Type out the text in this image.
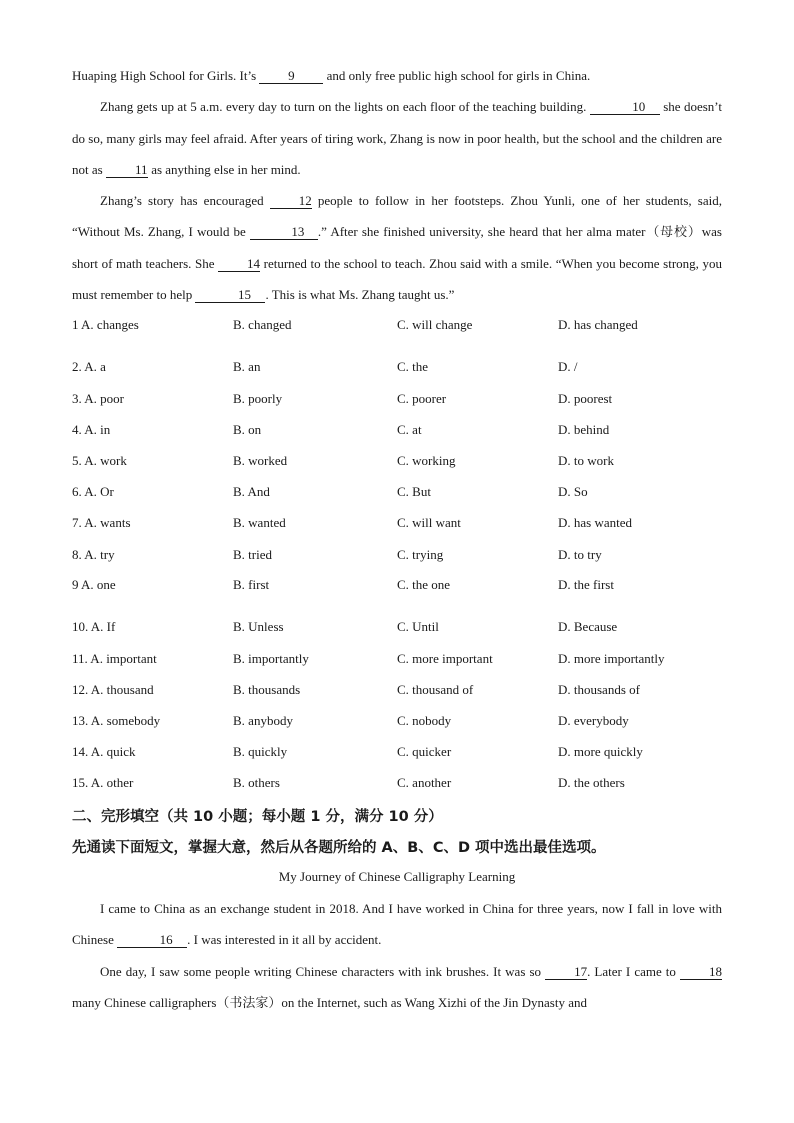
Huaping High School for Girls. It’s 9 and only free public high school for girls in China.

Zhang gets up at 5 a.m. every day to turn on the lights on each floor of the teaching building.	10 she doesn’t do so, many girls may feel afraid. After years of tiring work, Zhang is now in poor health, but the school and the children are not as 11 as anything else in her mind.

Zhang’s story has encouraged 12 people to follow in her footsteps. Zhou Yunli, one of her students, said, “Without Ms. Zhang, I would be	13 .” After she finished university, she heard that her alma mater（母校）was short of math teachers. She 14 returned to the school to teach. Zhou said with a smile. “When you become strong, you must remember to help	15 . This is what Ms. Zhang taught us.”

1 A. changes	B. changed	C. will change	D. has changed
2. A. a	B. an	C. the	D. /
3. A. poor	B. poorly	C. poorer	D. poorest
4. A. in	B. on	C. at	D. behind
5. A. work	B. worked	C. working	D. to work
6. A. Or	B. And	C. But	D. So
7. A. wants	B. wanted	C. will want	D. has wanted
8. A. try	B. tried	C. trying	D. to try
9 A. one	B. first	C. the one	D. the first
10. A. If	B. Unless	C. Until	D. Because
11. A. important	B. importantly	C. more important	D. more importantly
12. A. thousand	B. thousands	C. thousand of	D. thousands of
13. A. somebody	B. anybody	C. nobody	D. everybody
14. A. quick	B. quickly	C. quicker	D. more quickly
15. A. other	B. others	C. another	D. the others
二、完形填空（共 10 小题；每小题 1 分，满分 10 分）
先通读下面短文，掌握大意，然后从各题所给的 A、B、C、D 项中选出最佳选项。
My Journey of Chinese Calligraphy Learning

I came to China as an exchange student in 2018. And I have worked in China for three years, now I fall in love with Chinese	16 . I was interested in it all by accident.

One day, I saw some people writing Chinese characters with ink brushes. It was so 17. Later I came to 18 many Chinese calligraphers（书法家）on the Internet, such as Wang Xizhi of the Jin Dynasty and
